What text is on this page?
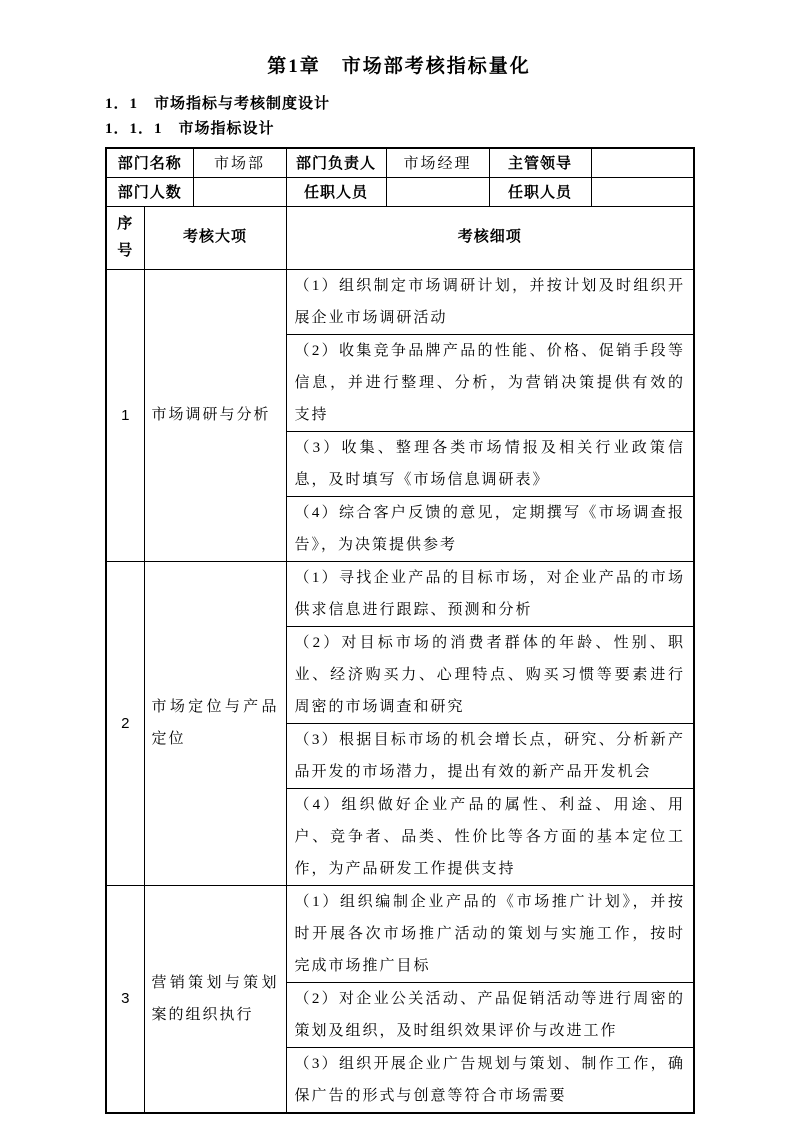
第1章　市场部考核指标量化
1．1　市场指标与考核制度设计
1．1．1　市场指标设计
部门名称		市场部	部门负责人	市场经理	主管领导	
部门人数			任职人员		任职人员	
序号	考核大项		考核细项			
1	市场调研与分析		（1）组织制定市场调研计划，并按计划及时组织开展企业市场调研活动			
			（2）收集竞争品牌产品的性能、价格、促销手段等信息，并进行整理、分析，为营销决策提供有效的支持			
			（3）收集、整理各类市场情报及相关行业政策信息，及时填写《市场信息调研表》			
			（4）综合客户反馈的意见，定期撰写《市场调查报告》，为决策提供参考			
2	市场定位与产品定位		（1）寻找企业产品的目标市场，对企业产品的市场供求信息进行跟踪、预测和分析			
			（2）对目标市场的消费者群体的年龄、性别、职业、经济购买力、心理特点、购买习惯等要素进行周密的市场调查和研究			
			（3）根据目标市场的机会增长点，研究、分析新产品开发的市场潜力，提出有效的新产品开发机会			
			（4）组织做好企业产品的属性、利益、用途、用户、竞争者、品类、性价比等各方面的基本定位工作，为产品研发工作提供支持			
3	营销策划与策划案的组织执行		（1）组织编制企业产品的《市场推广计划》，并按时开展各次市场推广活动的策划与实施工作，按时完成市场推广目标			
			（2）对企业公关活动、产品促销活动等进行周密的策划及组织，及时组织效果评价与改进工作			
			（3）组织开展企业广告规划与策划、制作工作，确保广告的形式与创意等符合市场需要			
